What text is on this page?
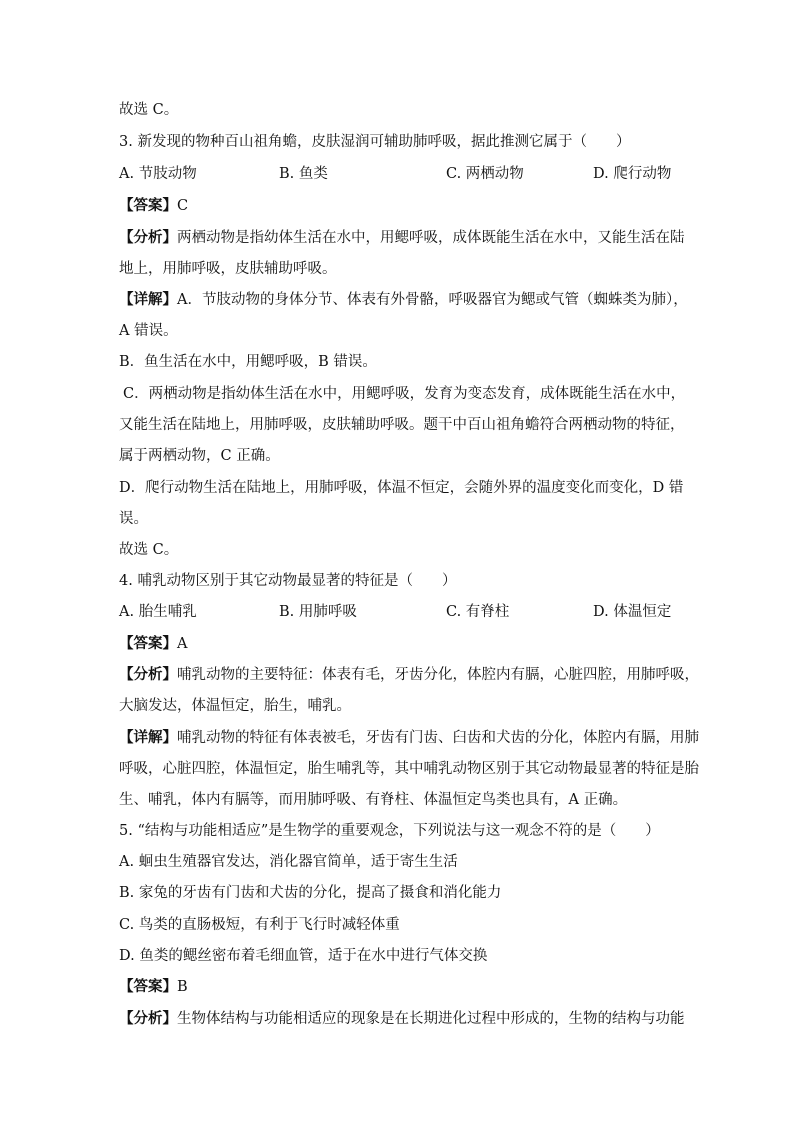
故选 C。
3. 新发现的物种百山祖角蟾，皮肤湿润可辅助肺呼吸，据此推测它属于（　　）
A. 节肢动物	B. 鱼类	C. 两栖动物	D. 爬行动物
【答案】C
【分析】两栖动物是指幼体生活在水中，用鳃呼吸，成体既能生活在水中，又能生活在陆
地上，用肺呼吸，皮肤辅助呼吸。
【详解】A．节肢动物的身体分节、体表有外骨骼，呼吸器官为鳃或气管（蜘蛛类为肺），
A 错误。
B．鱼生活在水中，用鳃呼吸，B 错误。
C．两栖动物是指幼体生活在水中，用鳃呼吸，发育为变态发育，成体既能生活在水中，
又能生活在陆地上，用肺呼吸，皮肤辅助呼吸。题干中百山祖角蟾符合两栖动物的特征，
属于两栖动物，C 正确。
D．爬行动物生活在陆地上，用肺呼吸，体温不恒定，会随外界的温度变化而变化，D 错
误。
故选 C。
4. 哺乳动物区别于其它动物最显著的特征是（　　）
A. 胎生哺乳	B. 用肺呼吸	C. 有脊柱	D. 体温恒定
【答案】A
【分析】哺乳动物的主要特征：体表有毛，牙齿分化，体腔内有膈，心脏四腔，用肺呼吸，
大脑发达，体温恒定，胎生，哺乳。
【详解】哺乳动物的特征有体表被毛，牙齿有门齿、臼齿和犬齿的分化，体腔内有膈，用肺
呼吸，心脏四腔，体温恒定，胎生哺乳等，其中哺乳动物区别于其它动物最显著的特征是胎
生、哺乳，体内有膈等，而用肺呼吸、有脊柱、体温恒定鸟类也具有，A 正确。
5. “结构与功能相适应”是生物学的重要观念，下列说法与这一观念不符的是（　　）
A. 蛔虫生殖器官发达，消化器官简单，适于寄生生活
B. 家兔的牙齿有门齿和犬齿的分化，提高了摄食和消化能力
C. 鸟类的直肠极短，有利于飞行时减轻体重
D. 鱼类的鳃丝密布着毛细血管，适于在水中进行气体交换
【答案】B
【分析】生物体结构与功能相适应的现象是在长期进化过程中形成的，生物的结构与功能
